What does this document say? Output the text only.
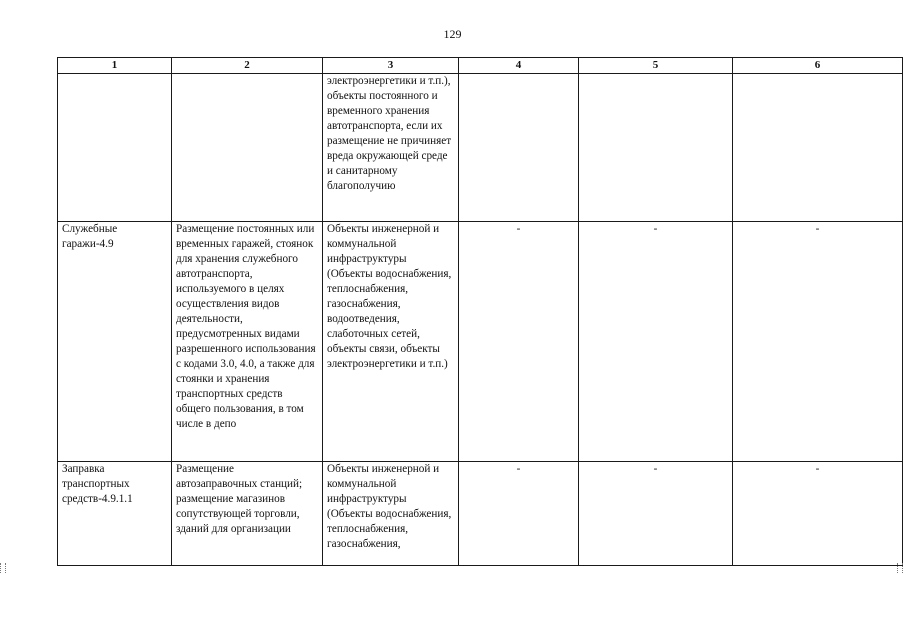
129
1	2	3	4	5	6
		электроэнергетики и т.п.), объекты постоянного и временного хранения автотранспорта, если их размещение не причиняет вреда окружающей среде и санитарному благополучию			
Служебные гаражи-4.9	Размещение постоянных или временных гаражей, стоянок для хранения служебного автотранспорта, используемого в целях осуществления видов деятельности, предусмотренных видами разрешенного использования с кодами 3.0, 4.0, а также для стоянки и хранения транспортных средств общего пользования, в том числе в депо	Объекты инженерной и коммунальной инфраструктуры (Объекты водоснабжения, теплоснабжения, газоснабжения, водоотведения, слаботочных сетей, объекты связи, объекты электроэнергетики и т.п.)	-	-	-
Заправка транспортных средств-4.9.1.1	Размещение автозаправочных станций; размещение магазинов сопутствующей торговли, зданий для организации	Объекты инженерной и коммунальной инфраструктуры (Объекты водоснабжения, теплоснабжения, газоснабжения,	-	-	-
